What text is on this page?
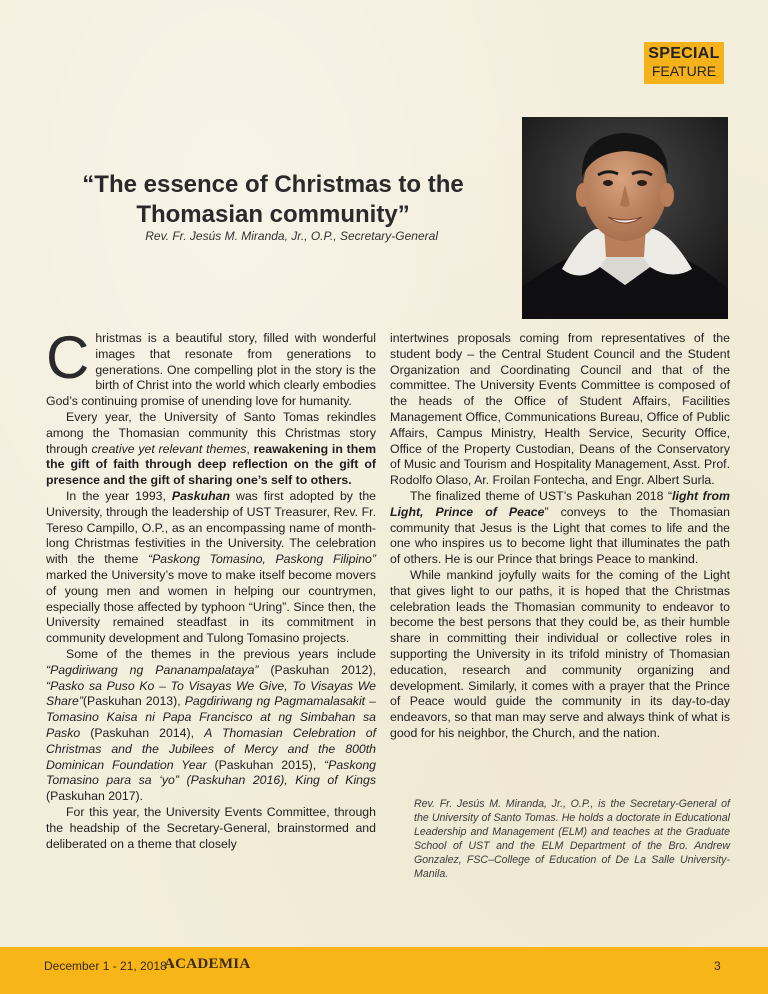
SPECIAL
FEATURE
“The essence of Christmas to the Thomasian community”
Rev. Fr. Jesús M. Miranda, Jr., O.P., Secretary-General

Christmas is a beautiful story, filled with wonderful images that resonate from generations to generations. One compelling plot in the story is the birth of Christ into the world which clearly embodies God’s continuing promise of unending love for humanity.

Every year, the University of Santo Tomas rekindles among the Thomasian community this Christmas story through creative yet relevant themes, reawakening in them the gift of faith through deep reflection on the gift of presence and the gift of sharing one’s self to others.

In the year 1993, Paskuhan was first adopted by the University, through the leadership of UST Treasurer, Rev. Fr. Tereso Campillo, O.P., as an encompassing name of month-long Christmas festivities in the University. The celebration with the theme “Paskong Tomasino, Paskong Filipino” marked the University’s move to make itself become movers of young men and women in helping our countrymen, especially those affected by typhoon “Uring”. Since then, the University remained steadfast in its commitment in community development and Tulong Tomasino projects.

Some of the themes in the previous years include “Pagdiriwang ng Pananampalataya” (Paskuhan 2012), “Pasko sa Puso Ko – To Visayas We Give, To Visayas We Share”(Paskuhan 2013), Pagdiriwang ng Pagmamalasakit – Tomasino Kaisa ni Papa Francisco at ng Simbahan sa Pasko (Paskuhan 2014), A Thomasian Celebration of Christmas and the Jubilees of Mercy and the 800th Dominican Foundation Year (Paskuhan 2015), “Paskong Tomasino para sa ‘yo” (Paskuhan 2016), King of Kings (Paskuhan 2017).

For this year, the University Events Committee, through the headship of the Secretary-General, brainstormed and deliberated on a theme that closely

intertwines proposals coming from representatives of the student body – the Central Student Council and the Student Organization and Coordinating Council and that of the committee. The University Events Committee is composed of the heads of the Office of Student Affairs, Facilities Management Office, Communications Bureau, Office of Public Affairs, Campus Ministry, Health Service, Security Office, Office of the Property Custodian, Deans of the Conservatory of Music and Tourism and Hospitality Management, Asst. Prof. Rodolfo Olaso, Ar. Froilan Fontecha, and Engr. Albert Surla.

The finalized theme of UST’s Paskuhan 2018 “light from Light, Prince of Peace” conveys to the Thomasian community that Jesus is the Light that comes to life and the one who inspires us to become light that illuminates the path of others. He is our Prince that brings Peace to mankind.

While mankind joyfully waits for the coming of the Light that gives light to our paths, it is hoped that the Christmas celebration leads the Thomasian community to endeavor to become the best persons that they could be, as their humble share in committing their individual or collective roles in supporting the University in its trifold ministry of Thomasian education, research and community organizing and development. Similarly, it comes with a prayer that the Prince of Peace would guide the community in its day-to-day endeavors, so that man may serve and always think of what is good for his neighbor, the Church, and the nation.

Rev. Fr. Jesús M. Miranda, Jr., O.P., is the Secretary-General of the University of Santo Tomas. He holds a doctorate in Educational Leadership and Management (ELM) and teaches at the Graduate School of UST and the ELM Department of the Bro. Andrew Gonzalez, FSC–College of Education of De La Salle University-Manila.
December 1 - 21, 2018 •
ACADEMIA	3
